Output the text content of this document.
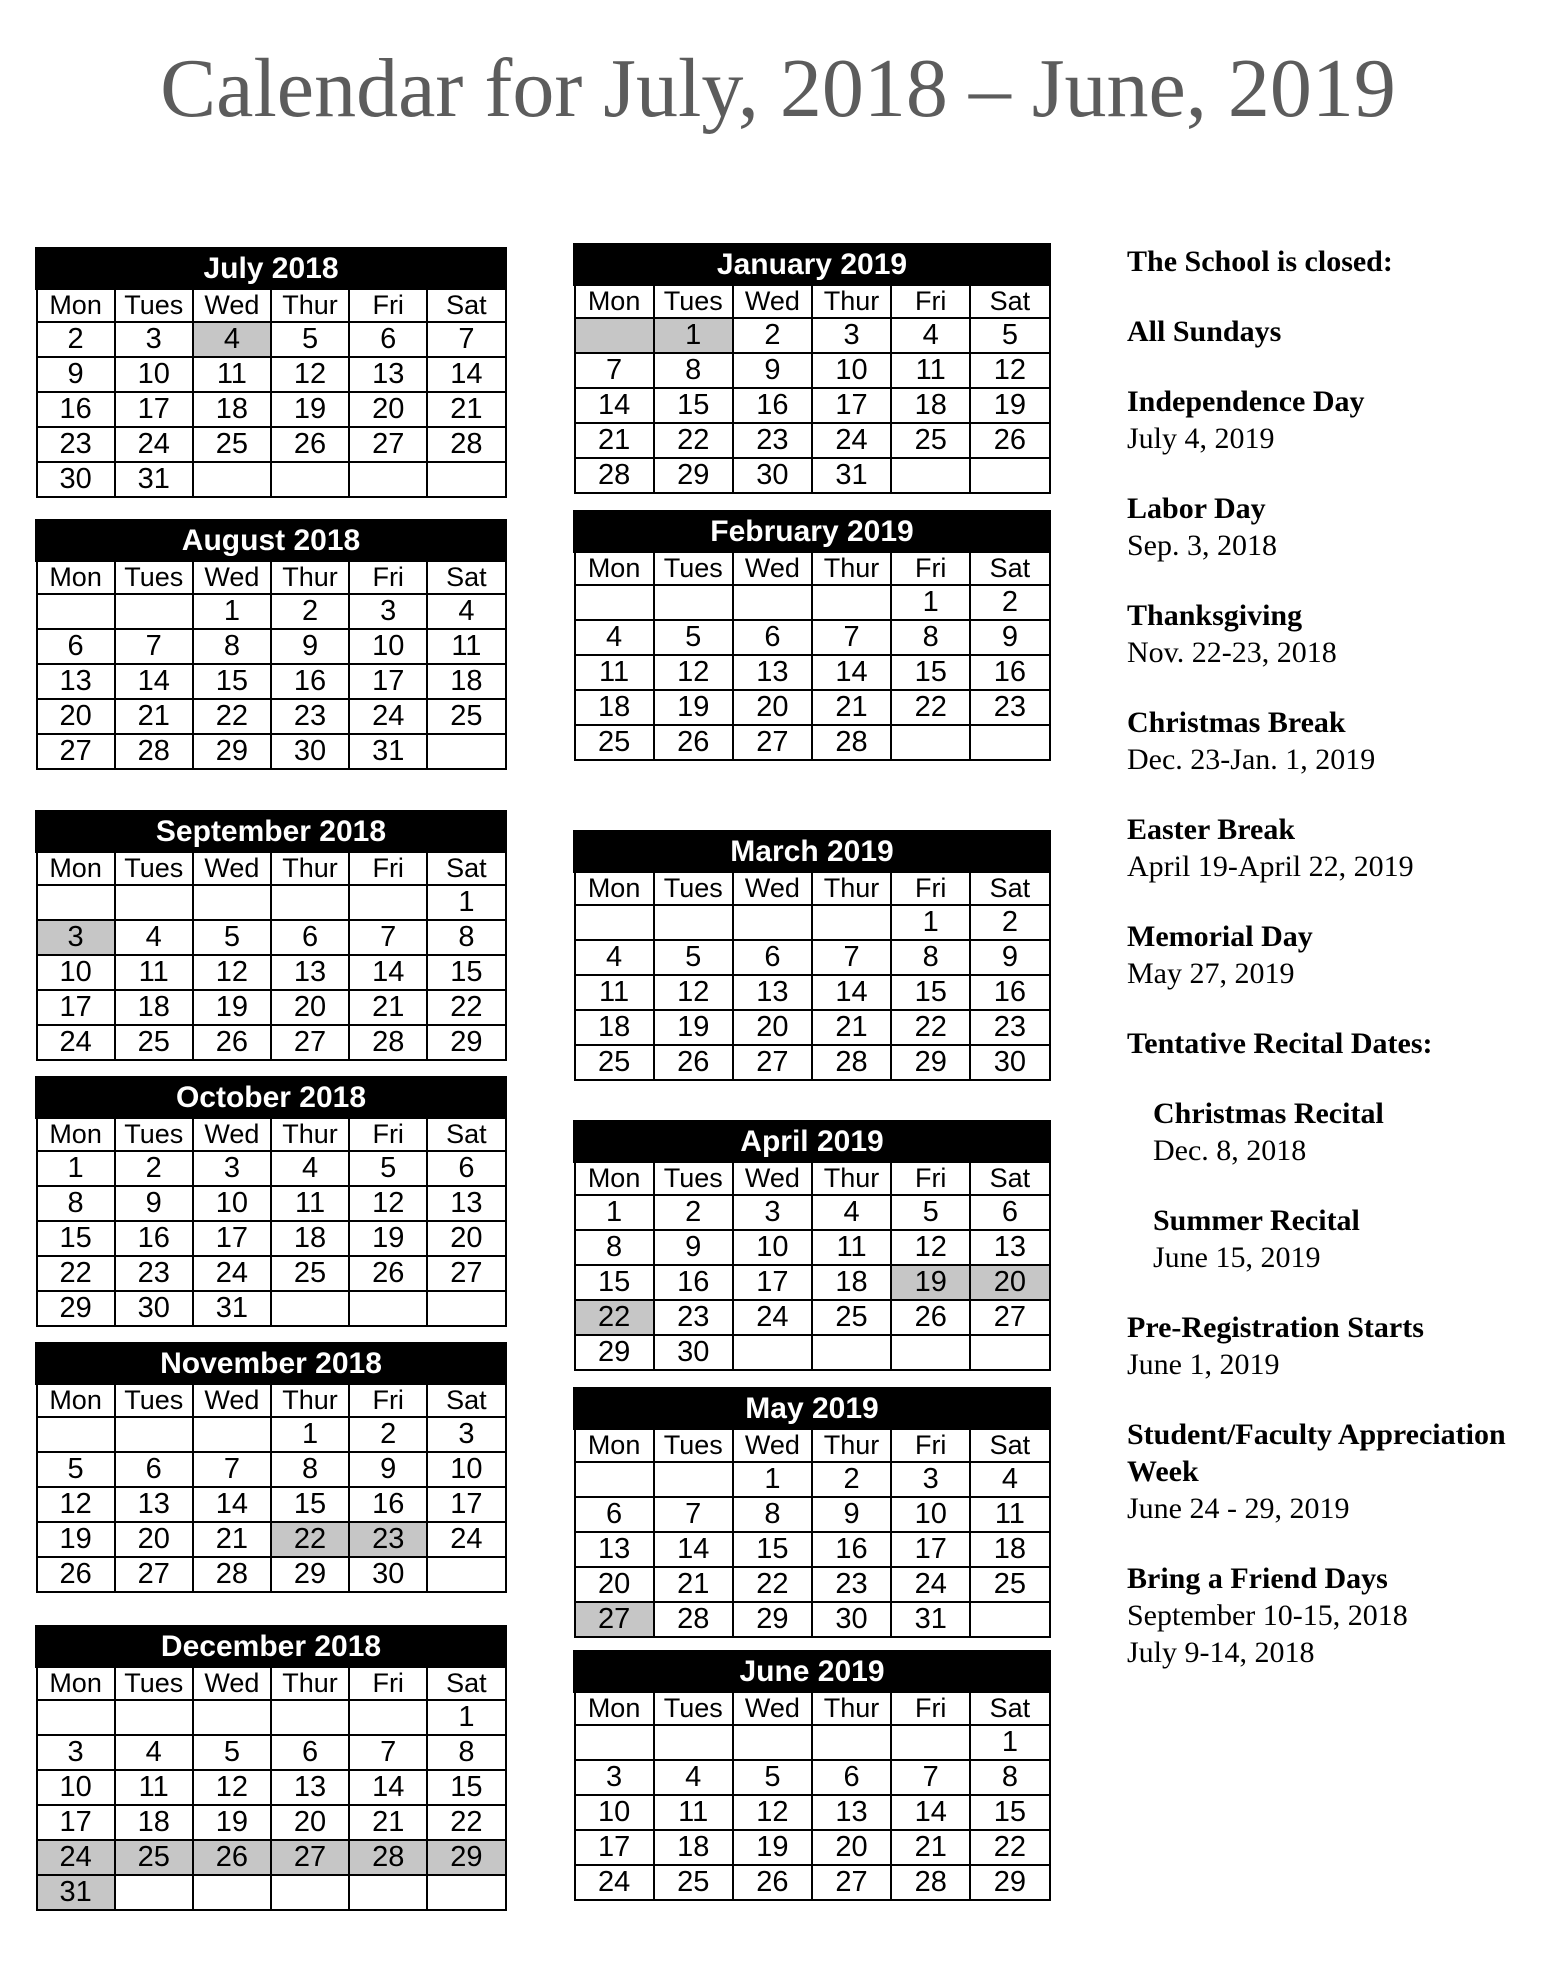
Calendar for July, 2018 – June, 2019
July 2018					
Mon	Tues	Wed	Thur	Fri	Sat
2	3	4	5	6	7
9	10	11	12	13	14
16	17	18	19	20	21
23	24	25	26	27	28
30	31				
August 2018					
Mon	Tues	Wed	Thur	Fri	Sat
		1	2	3	4
6	7	8	9	10	11
13	14	15	16	17	18
20	21	22	23	24	25
27	28	29	30	31	
September 2018					
Mon	Tues	Wed	Thur	Fri	Sat
					1
3	4	5	6	7	8
10	11	12	13	14	15
17	18	19	20	21	22
24	25	26	27	28	29
October 2018					
Mon	Tues	Wed	Thur	Fri	Sat
1	2	3	4	5	6
8	9	10	11	12	13
15	16	17	18	19	20
22	23	24	25	26	27
29	30	31			
November 2018					
Mon	Tues	Wed	Thur	Fri	Sat
			1	2	3
5	6	7	8	9	10
12	13	14	15	16	17
19	20	21	22	23	24
26	27	28	29	30	
December 2018					
Mon	Tues	Wed	Thur	Fri	Sat
					1
3	4	5	6	7	8
10	11	12	13	14	15
17	18	19	20	21	22
24	25	26	27	28	29
31					
January 2019					
Mon	Tues	Wed	Thur	Fri	Sat
	1	2	3	4	5
7	8	9	10	11	12
14	15	16	17	18	19
21	22	23	24	25	26
28	29	30	31		
February 2019					
Mon	Tues	Wed	Thur	Fri	Sat
				1	2
4	5	6	7	8	9
11	12	13	14	15	16
18	19	20	21	22	23
25	26	27	28		
March 2019					
Mon	Tues	Wed	Thur	Fri	Sat
				1	2
4	5	6	7	8	9
11	12	13	14	15	16
18	19	20	21	22	23
25	26	27	28	29	30
April 2019					
Mon	Tues	Wed	Thur	Fri	Sat
1	2	3	4	5	6
8	9	10	11	12	13
15	16	17	18	19	20
22	23	24	25	26	27
29	30				
May 2019					
Mon	Tues	Wed	Thur	Fri	Sat
		1	2	3	4
6	7	8	9	10	11
13	14	15	16	17	18
20	21	22	23	24	25
27	28	29	30	31	
June 2019					
Mon	Tues	Wed	Thur	Fri	Sat
					1
3	4	5	6	7	8
10	11	12	13	14	15
17	18	19	20	21	22
24	25	26	27	28	29
The School is closed:
All Sundays
Independence Day
July 4, 2019
Labor Day
Sep. 3, 2018
Thanksgiving
Nov. 22-23, 2018
Christmas Break
Dec. 23-Jan. 1, 2019
Easter Break
April 19-April 22, 2019
Memorial Day
May 27, 2019
Tentative Recital Dates:
Christmas Recital
Dec. 8, 2018
Summer Recital
June 15, 2019
Pre-Registration Starts
June 1, 2019
Student/Faculty Appreciation Week
June 24 - 29, 2019
Bring a Friend Days
September 10-15, 2018
July 9-14, 2018
